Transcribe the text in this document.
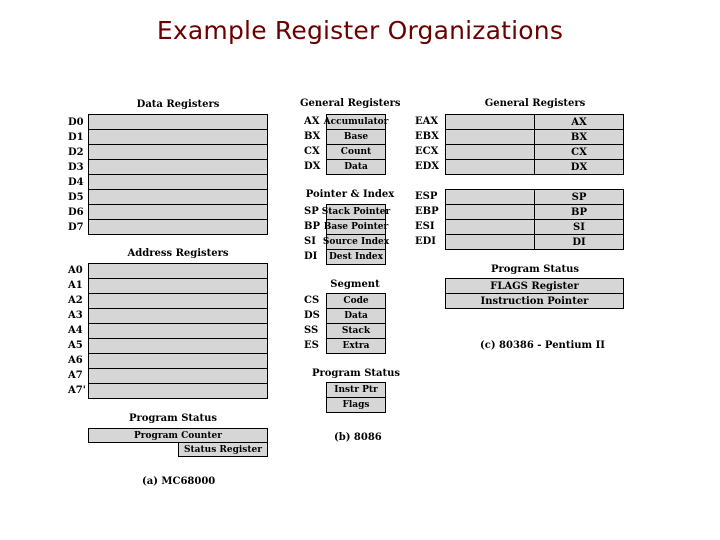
Example Register Organizations
Data Registers
D0
D1
D2
D3
D4
D5
D6
D7
Address Registers
A0
A1
A2
A3
A4
A5
A6
A7
A7'
Program Status
Program Counter
Status Register
(a) MC68000
General Registers
AX
BX
CX
DX
Accumulator
Base
Count
Data
Pointer & Index
SP
BP
SI
DI
Stack Pointer
Base Pointer
Source Index
Dest Index
Segment
CS
DS
SS
ES
Code
Data
Stack
Extra
Program Status
Instr Ptr
Flags
(b) 8086
General Registers
EAX
EBX
ECX
EDX
AX
BX
CX
DX
ESP
EBP
ESI
EDI
SP
BP
SI
DI
Program Status
FLAGS Register
Instruction Pointer
(c) 80386 - Pentium II
